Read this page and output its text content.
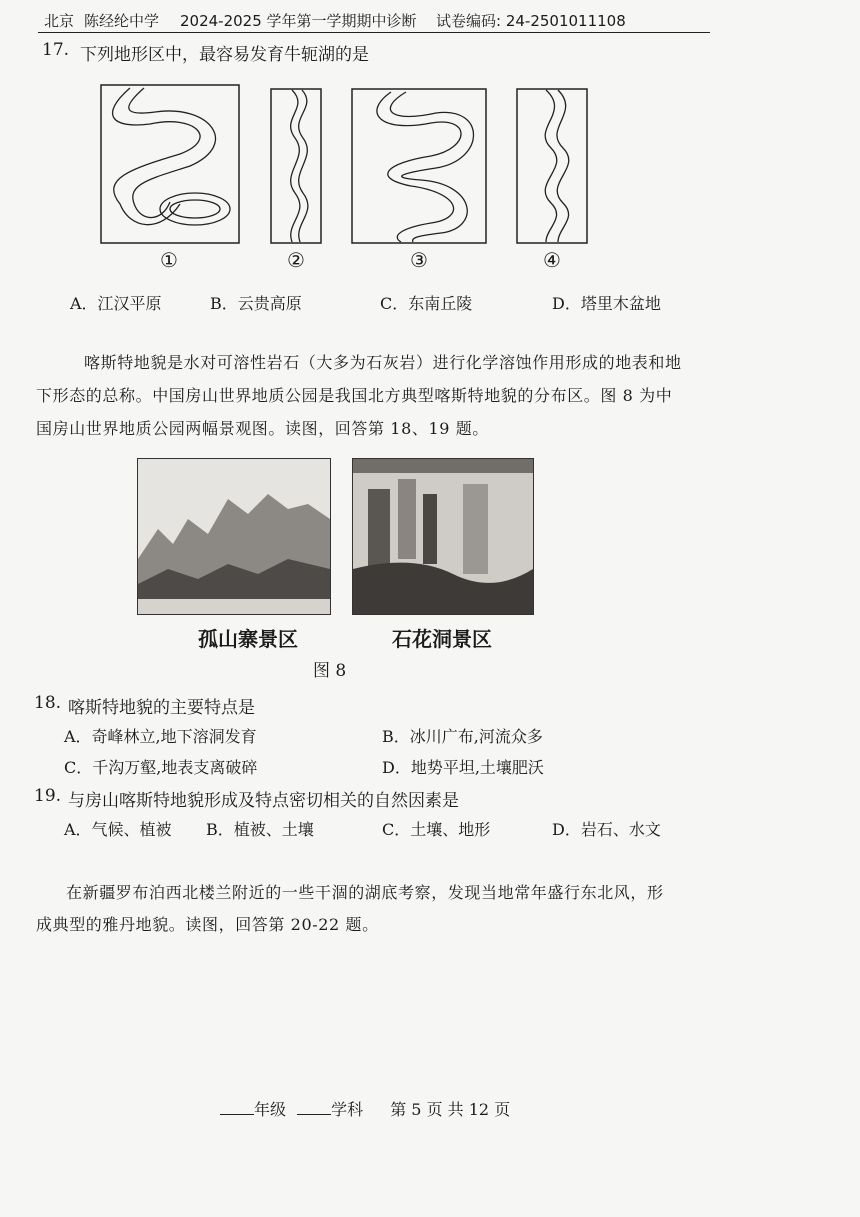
北京 陈经纶中学 2024-2025 学年第一学期期中诊断 试卷编码: 24-2501011108
17. 下列地形区中，最容易发育牛轭湖的是
①	②	③	④
A．江汉平原	B．云贵高原	C．东南丘陵	D．塔里木盆地
喀斯特地貌是水对可溶性岩石（大多为石灰岩）进行化学溶蚀作用形成的地表和地
下形态的总称。中国房山世界地质公园是我国北方典型喀斯特地貌的分布区。图 8 为中
国房山世界地质公园两幅景观图。读图，回答第 18、19 题。
孤山寨景区	石花洞景区
图 8
18. 喀斯特地貌的主要特点是
A．奇峰林立,地下溶洞发育	B．冰川广布,河流众多
C．千沟万壑,地表支离破碎	D．地势平坦,土壤肥沃
19. 与房山喀斯特地貌形成及特点密切相关的自然因素是
A．气候、植被 B．植被、土壤	C．土壤、地形	D．岩石、水文
在新疆罗布泊西北楼兰附近的一些干涸的湖底考察，发现当地常年盛行东北风，形
成典型的雅丹地貌。读图，回答第 20-22 题。
年级	学科 第 5 页 共 12 页
